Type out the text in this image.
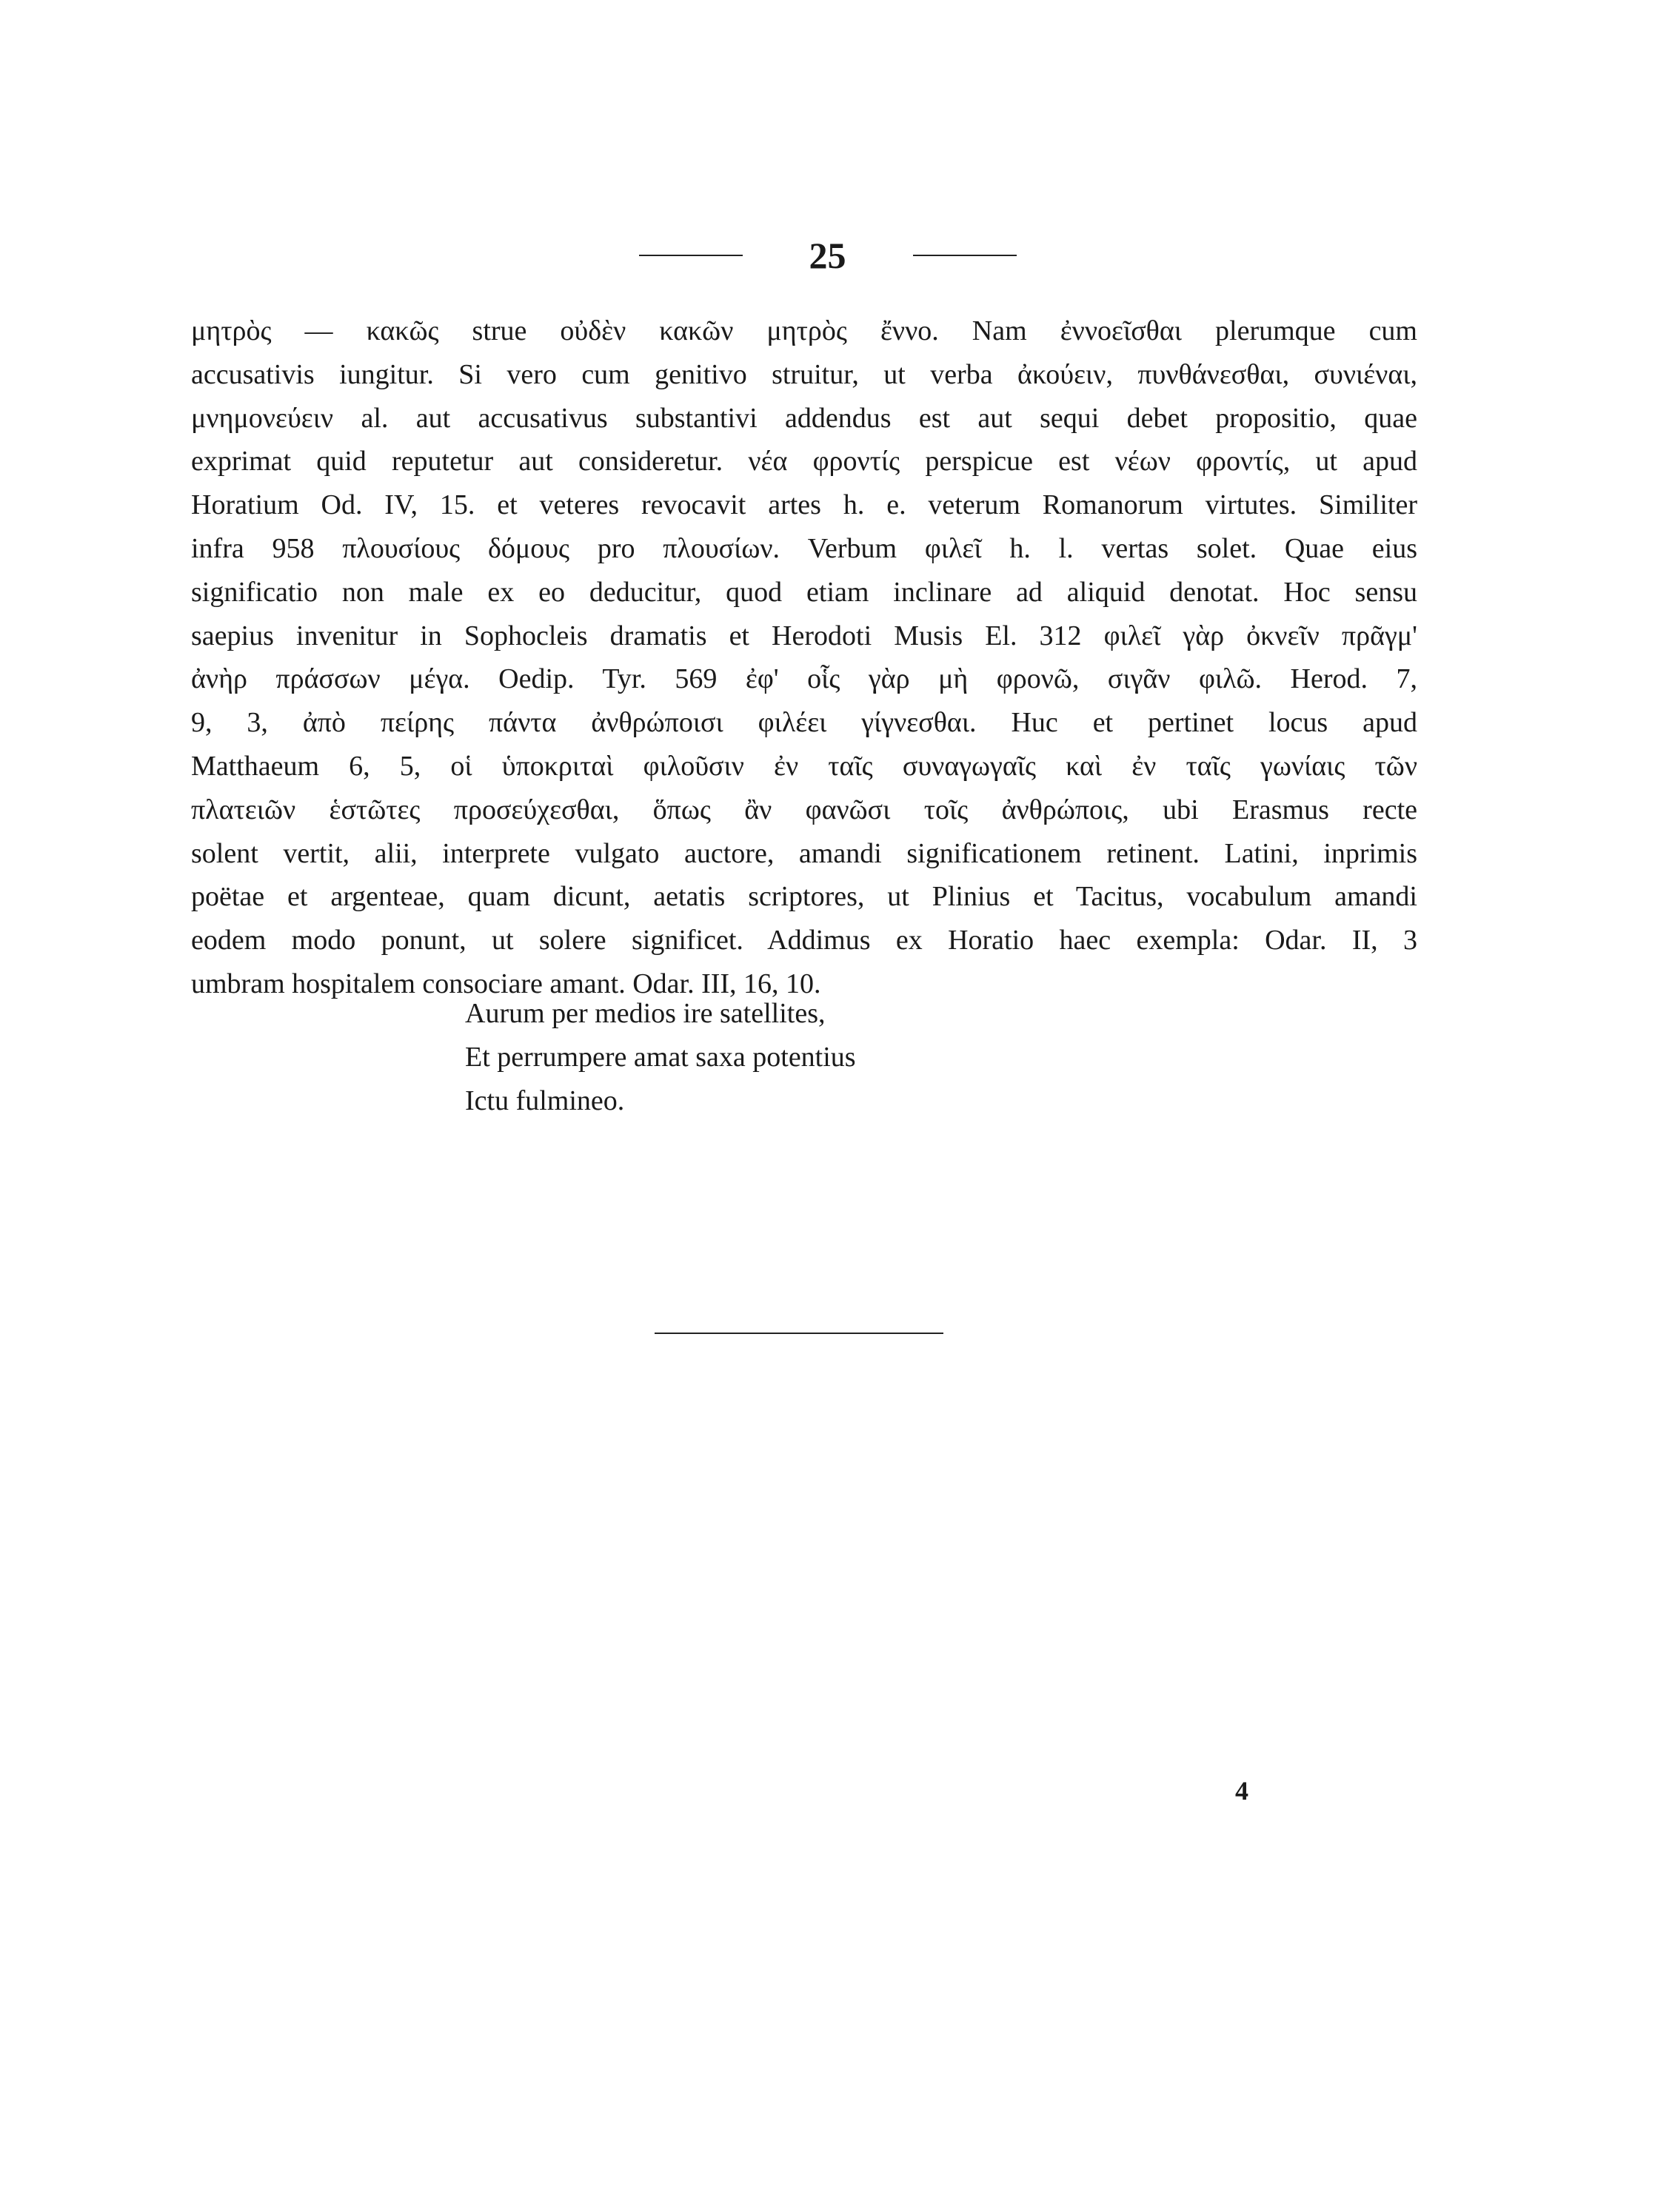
25
μητρὸς — κακῶς strue οὐδὲν κακῶν μητρὸς ἔννο. Nam ἐννοεῖσθαι plerumque cum
accusativis iungitur. Si vero cum genitivo struitur, ut verba ἀκούειν, πυνθάνεσθαι, συνιέναι,
μνημονεύειν al. aut accusativus substantivi addendus est aut sequi debet propositio, quae
exprimat quid reputetur aut consideretur. νέα φροντίς perspicue est νέων φροντίς, ut apud
Horatium Od. IV, 15. et veteres revocavit artes h. e. veterum Romanorum virtutes. Similiter
infra 958 πλουσίους δόμους pro πλουσίων. Verbum φιλεῖ h. l. vertas solet. Quae eius
significatio non male ex eo deducitur, quod etiam inclinare ad aliquid denotat. Hoc sensu
saepius invenitur in Sophocleis dramatis et Herodoti Musis El. 312 φιλεῖ γὰρ ὀκνεῖν πρᾶγμ'
ἀνὴρ πράσσων μέγα. Oedip. Tyr. 569 ἐφ' οἷς γὰρ μὴ φρονῶ, σιγᾶν φιλῶ. Herod. 7,
9, 3, ἀπὸ πείρης πάντα ἀνθρώποισι φιλέει γίγνεσθαι. Huc et pertinet locus apud
Matthaeum 6, 5, οἱ ὑποκριταὶ φιλοῦσιν ἐν ταῖς συναγωγαῖς καὶ ἐν ταῖς γωνίαις τῶν
πλατειῶν ἑστῶτες προσεύχεσθαι, ὅπως ἂν φανῶσι τοῖς ἀνθρώποις, ubi Erasmus recte
solent vertit, alii, interprete vulgato auctore, amandi significationem retinent. Latini, inprimis
poëtae et argenteae, quam dicunt, aetatis scriptores, ut Plinius et Tacitus, vocabulum amandi
eodem modo ponunt, ut solere significet. Addimus ex Horatio haec exempla: Odar. II, 3
umbram hospitalem consociare amant. Odar. III, 16, 10.
Aurum per medios ire satellites,
Et perrumpere amat saxa potentius
Ictu fulmineo.
4
